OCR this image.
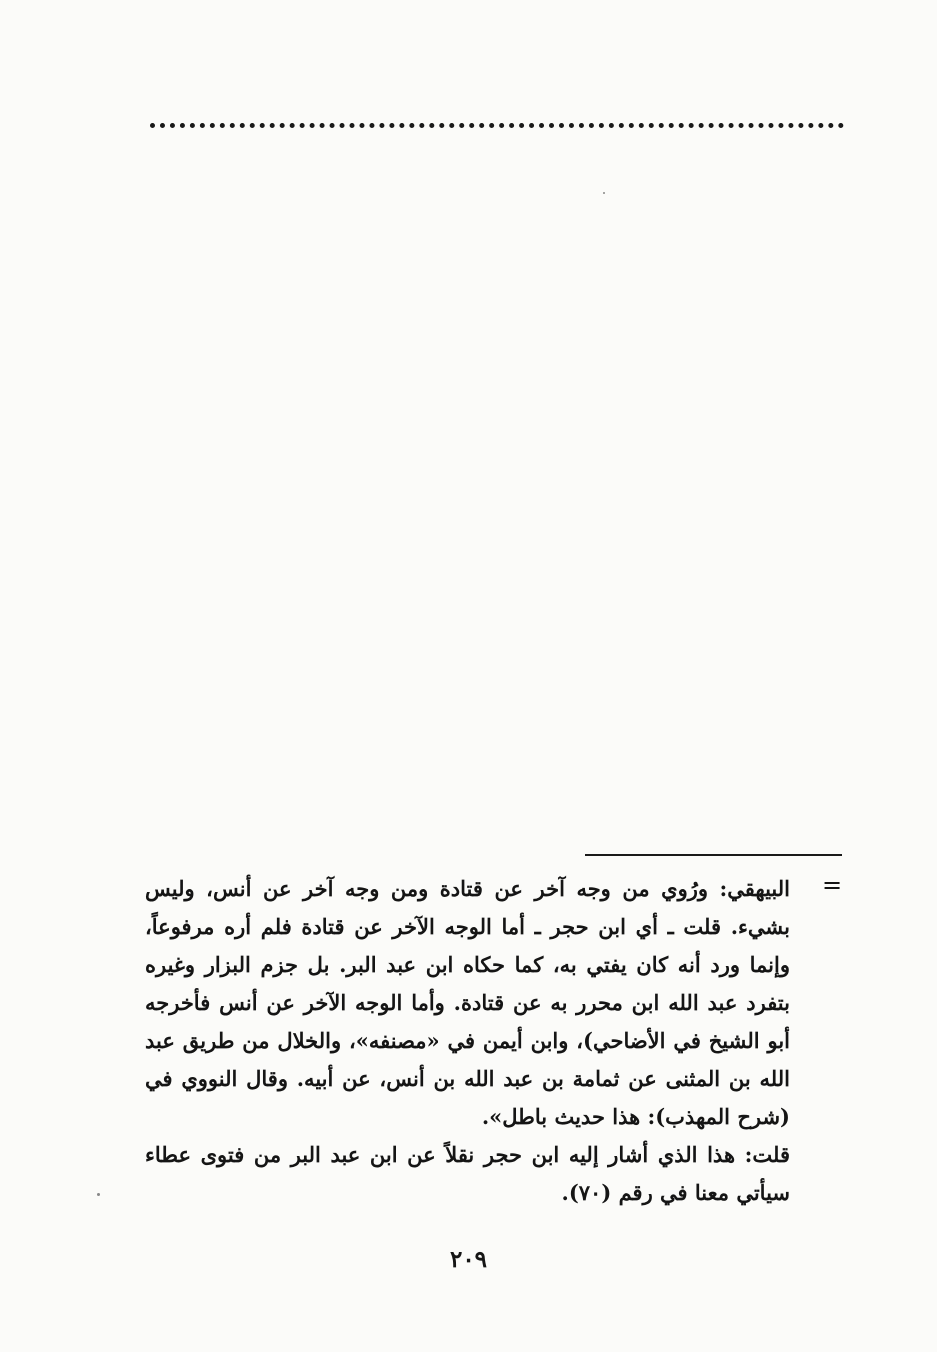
=

البيهقي: ورُوي من وجه آخر عن قتادة ومن وجه آخر عن أنس، وليس بشيء. قلت ـ أي ابن حجر ـ أما الوجه الآخر عن قتادة فلم أره مرفوعاً، وإنما ورد أنه كان يفتي به، كما حكاه ابن عبد البر. بل جزم البزار وغيره بتفرد عبد الله ابن محرر به عن قتادة. وأما الوجه الآخر عن أنس فأخرجه أبو الشيخ في الأضاحي)، وابن أيمن في «مصنفه»، والخلال من طريق عبد الله بن المثنى عن ثمامة بن عبد الله بن أنس، عن أبيه. وقال النووي في (شرح المهذب): هذا حديث باطل».

قلت: هذا الذي أشار إليه ابن حجر نقلاً عن ابن عبد البر من فتوى عطاء سيأتي معنا في رقم (٧٠).

٢٠٩
